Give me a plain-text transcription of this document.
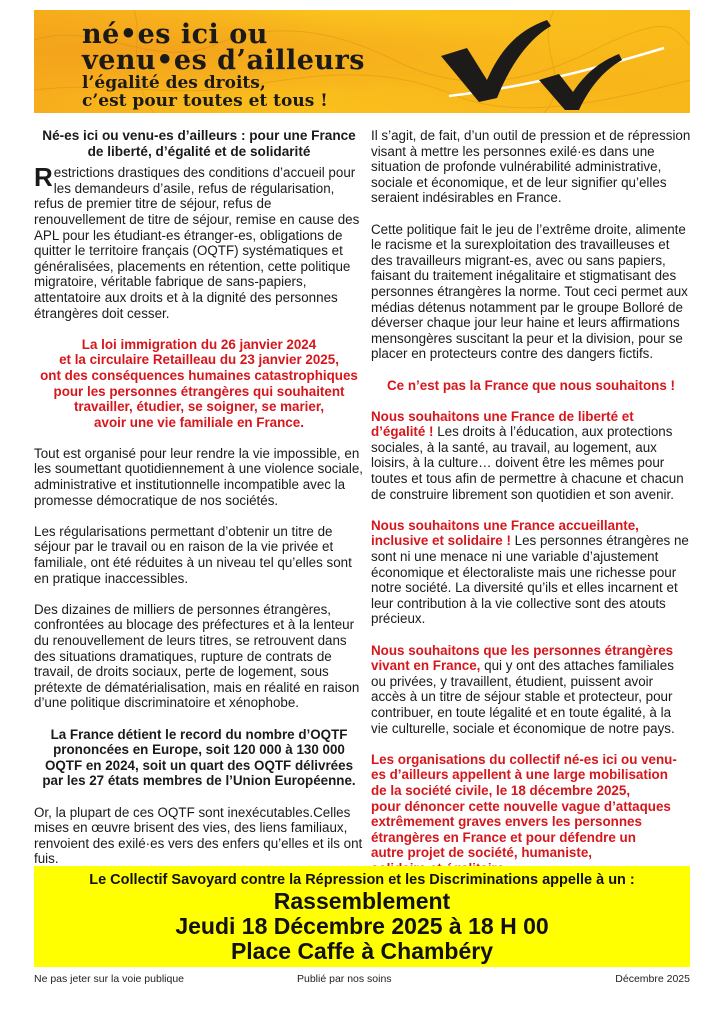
né•es ici ou
venu•es d’ailleurs
l’égalité des droits,
c’est pour toutes et tous !

Né-es ici ou venu-es d’ailleurs : pour une France de liberté, d’égalité et de solidarité

Restrictions drastiques des conditions d’accueil pour les demandeurs d’asile, refus de régularisation, refus de premier titre de séjour, refus de renouvellement de titre de séjour, remise en cause des APL pour les étudiant-es étranger-es, obligations de quitter le territoire français (OQTF) systématiques et généralisées, placements en rétention, cette politique migratoire, véritable fabrique de sans-papiers, attentatoire aux droits et à la dignité des personnes étrangères doit cesser.

La loi immigration du 26 janvier 2024
et la circulaire Retailleau du 23 janvier 2025,
ont des conséquences humaines catastrophiques
pour les personnes étrangères qui souhaitent
travailler, étudier, se soigner, se marier,
avoir une vie familiale en France.

Tout est organisé pour leur rendre la vie impossible, en les soumettant quotidiennement à une violence sociale, administrative et institutionnelle incompatible avec la promesse démocratique de nos sociétés.

Les régularisations permettant d’obtenir un titre de séjour par le travail ou en raison de la vie privée et familiale, ont été réduites à un niveau tel qu’elles sont en pratique inaccessibles.

Des dizaines de milliers de personnes étrangères, confrontées au blocage des préfectures et à la lenteur du renouvellement de leurs titres, se retrouvent dans des situations dramatiques, rupture de contrats de travail, de droits sociaux, perte de logement, sous prétexte de dématérialisation, mais en réalité en raison d’une politique discriminatoire et xénophobe.

La France détient le record du nombre d’OQTF prononcées en Europe, soit 120 000 à 130 000 OQTF en 2024, soit un quart des OQTF délivrées par les 27 états membres de l’Union Européenne.

Or, la plupart de ces OQTF sont inexécutables.Celles mises en œuvre brisent des vies, des liens familiaux, renvoient des exilé·es vers des enfers qu’elles et ils ont fuis.

Il s’agit, de fait, d’un outil de pression et de répression visant à mettre les personnes exilé·es dans une situation de profonde vulnérabilité administrative, sociale et économique, et de leur signifier qu’elles seraient indésirables en France.

Cette politique fait le jeu de l’extrême droite, alimente le racisme et la surexploitation des travailleuses et des travailleurs migrant-es, avec ou sans papiers, faisant du traitement inégalitaire et stigmatisant des personnes étrangères la norme. Tout ceci permet aux médias détenus notamment par le groupe Bolloré de déverser chaque jour leur haine et leurs affirmations mensongères suscitant la peur et la division, pour se placer en protecteurs contre des dangers fictifs.

Ce n’est pas la France que nous souhaitons !

Nous souhaitons une France de liberté et d’égalité ! Les droits à l’éducation, aux protections sociales, à la santé, au travail, au logement, aux loisirs, à la culture… doivent être les mêmes pour toutes et tous afin de permettre à chacune et chacun de construire librement son quotidien et son avenir.

Nous souhaitons une France accueillante, inclusive et solidaire ! Les personnes étrangères ne sont ni une menace ni une variable d’ajustement économique et électoraliste mais une richesse pour notre société. La diversité qu’ils et elles incarnent et leur contribution à la vie collective sont des atouts précieux.

Nous souhaitons que les personnes étrangères vivant en France, qui y ont des attaches familiales ou privées, y travaillent, étudient, puissent avoir accès à un titre de séjour stable et protecteur, pour contribuer, en toute légalité et en toute égalité, à la vie culturelle, sociale et économique de notre pays.

Les organisations du collectif né-es ici ou venu-
es d’ailleurs appellent à une large mobilisation
de la société civile, le 18 décembre 2025,
pour dénoncer cette nouvelle vague d’attaques
extrêmement graves envers les personnes
étrangères en France et pour défendre un
autre projet de société, humaniste,

Le Collectif Savoyard contre la Répression et les Discriminations appelle à un :
Rassemblement
Jeudi 18 Décembre 2025 à 18 H 00
Place Caffe à Chambéry
Ne pas jeter sur la voie publique	Publié par nos soins	Décembre 2025
